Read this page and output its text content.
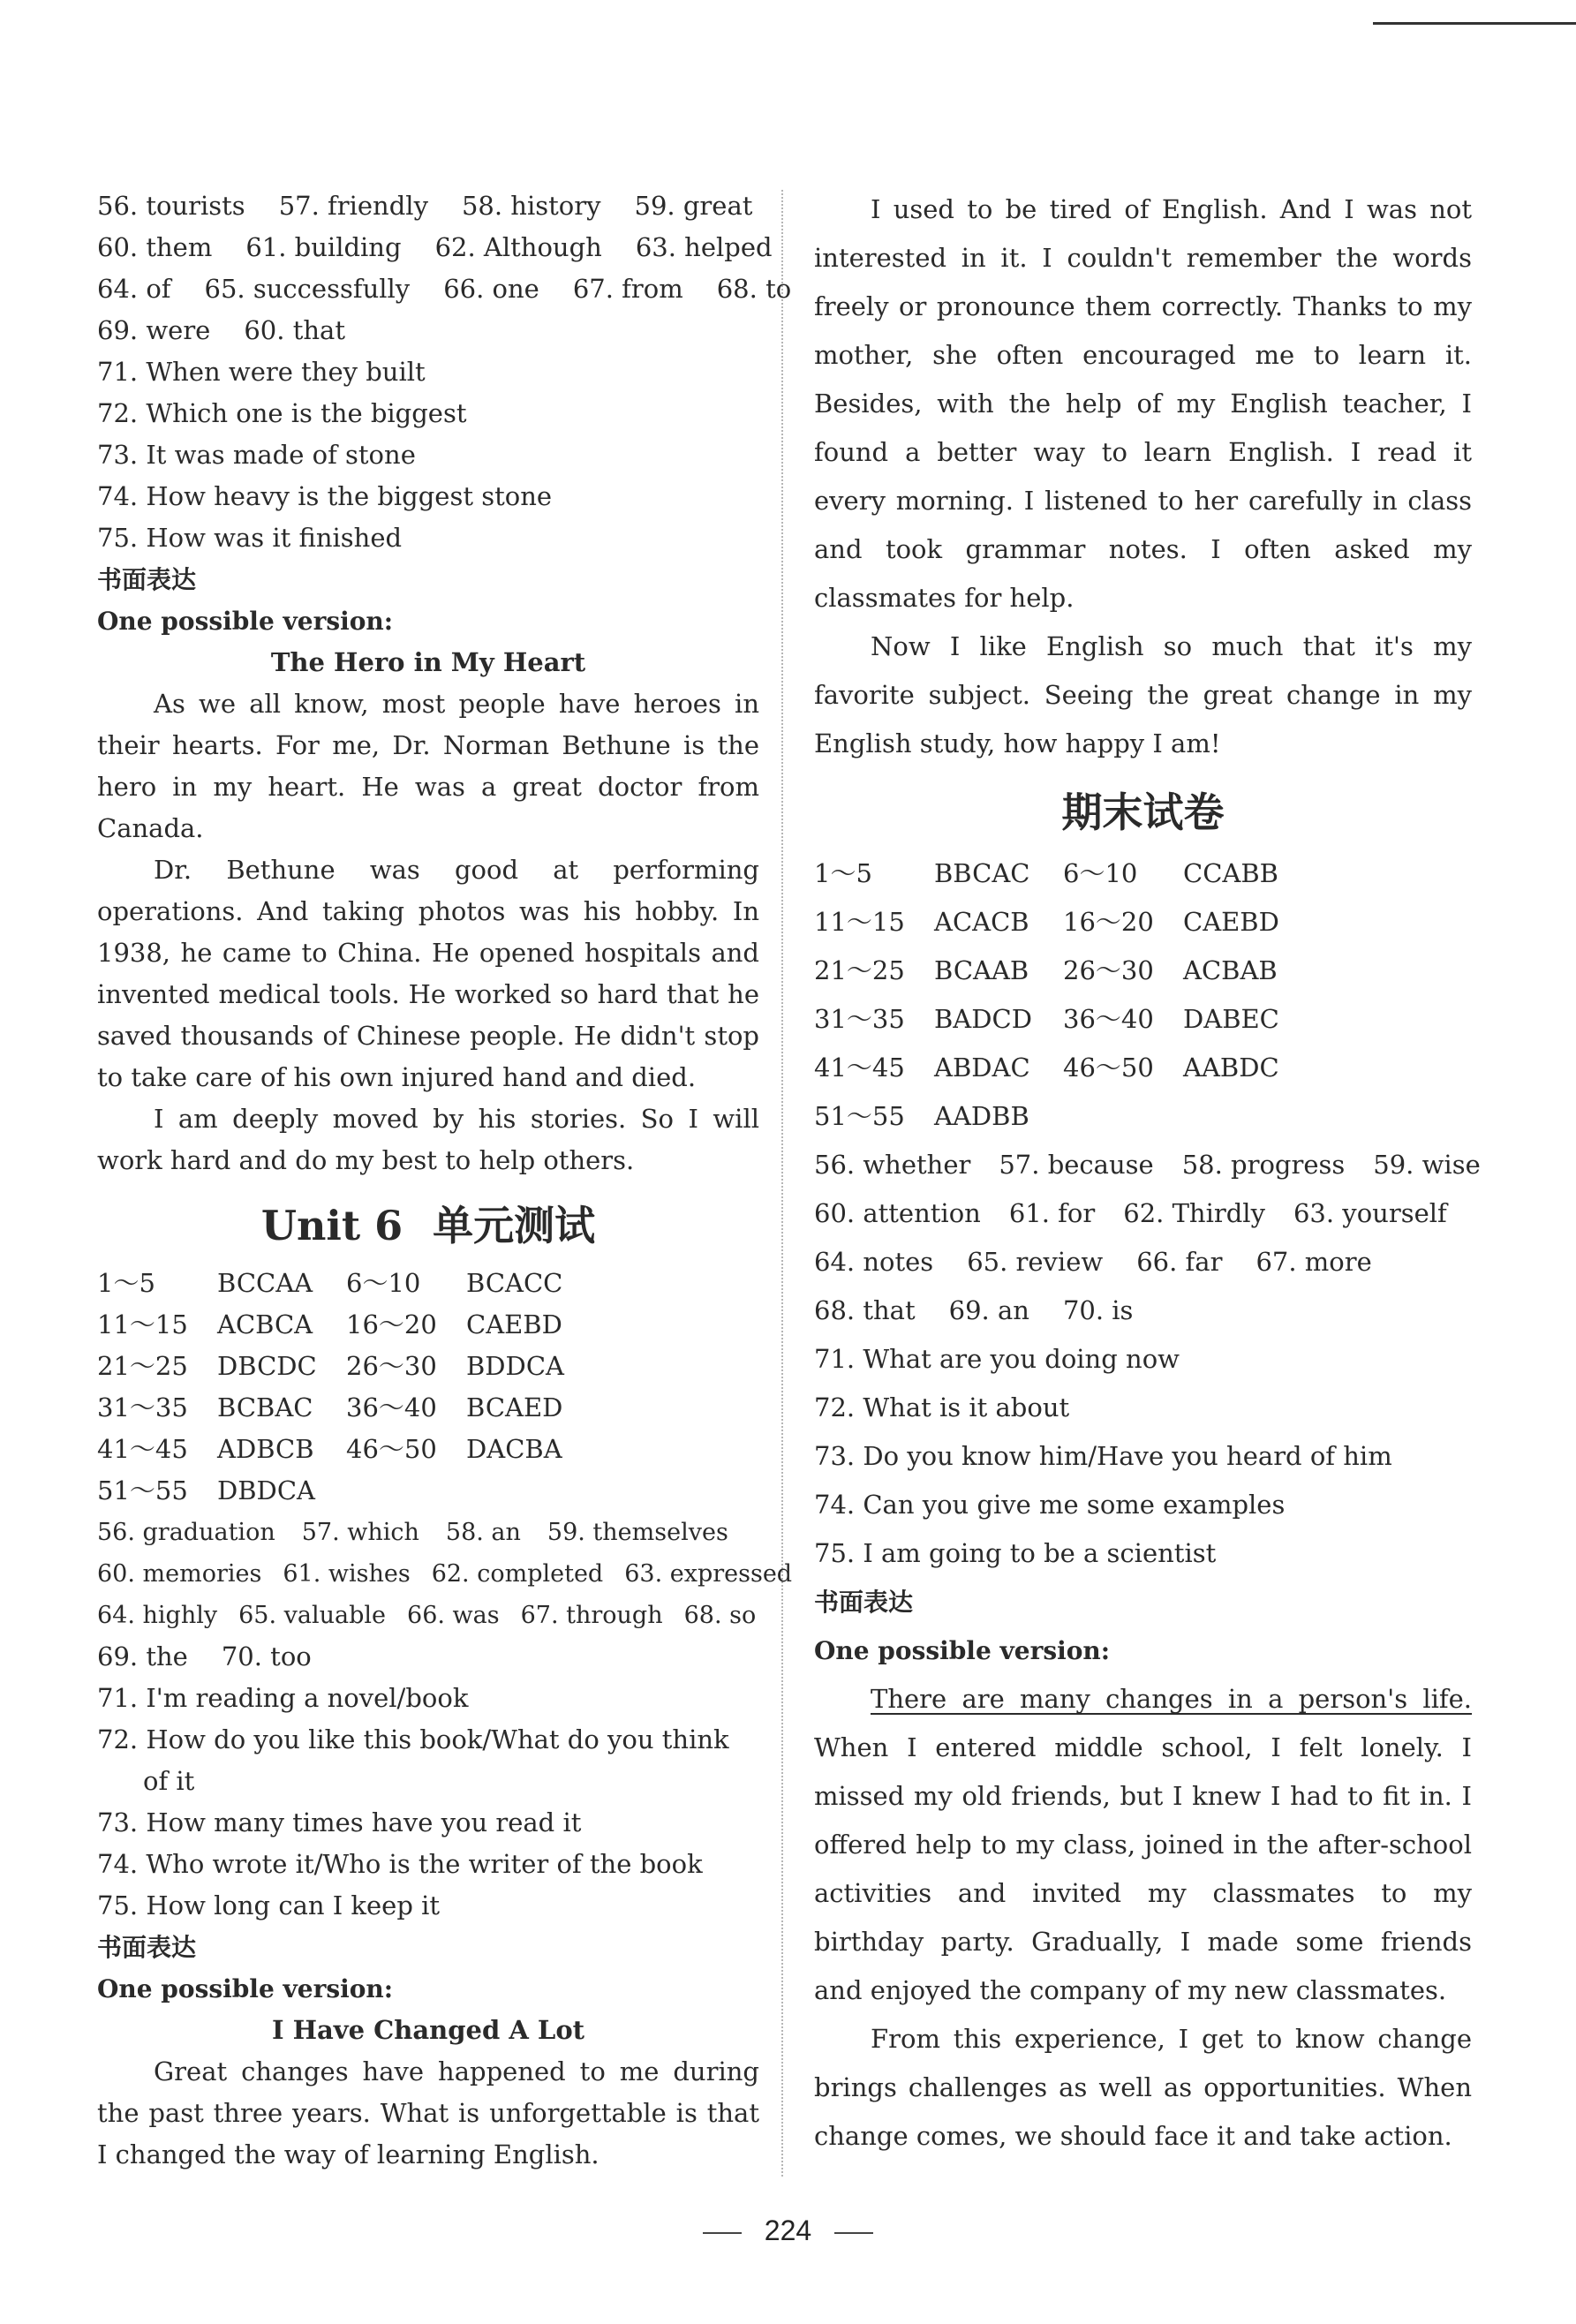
56. tourists 57. friendly 58. history 59. great
60. them 61. building 62. Although 63. helped
64. of 65. successfully 66. one 67. from 68. to
69. were 60. that
71. When were they built
72. Which one is the biggest
73. It was made of stone
74. How heavy is the biggest stone
75. How was it finished
书面表达
One possible version:
The Hero in My Heart

As we all know, most people have heroes in their hearts. For me, Dr. Norman Bethune is the hero in my heart. He was a great doctor from Canada.

Dr. Bethune was good at performing operations. And taking photos was his hobby. In 1938, he came to China. He opened hospitals and invented medical tools. He worked so hard that he saved thousands of Chinese people. He didn't stop to take care of his own injured hand and died.

I am deeply moved by his stories. So I will work hard and do my best to help others.

Unit 6 单元测试
1～5 BCCAA 6～10 BCACC
11～15 ACBCA 16～20 CAEBD
21～25 DBCDC 26～30 BDDCA
31～35 BCBAC 36～40 BCAED
41～45 ADBCB 46～50 DACBA
51～55 DBDCA
56. graduation 57. which 58. an 59. themselves
60. memories 61. wishes 62. completed 63. expressed
64. highly 65. valuable 66. was 67. through 68. so
69. the 70. too
71. I'm reading a novel/book
72. How do you like this book/What do you think of it
73. How many times have you read it
74. Who wrote it/Who is the writer of the book
75. How long can I keep it
书面表达
One possible version:
I Have Changed A Lot

Great changes have happened to me during the past three years. What is unforgettable is that I changed the way of learning English.

I used to be tired of English. And I was not interested in it. I couldn't remember the words freely or pronounce them correctly. Thanks to my mother, she often encouraged me to learn it. Besides, with the help of my English teacher, I found a better way to learn English. I read it every morning. I listened to her carefully in class and took grammar notes. I often asked my classmates for help.

Now I like English so much that it's my favorite subject. Seeing the great change in my English study, how happy I am!

期末试卷
1～5 BBCAC 6～10 CCABB
11～15 ACACB 16～20 CAEBD
21～25 BCAAB 26～30 ACBAB
31～35 BADCD 36～40 DABEC
41～45 ABDAC 46～50 AABDC
51～55 AADBB
56. whether 57. because 58. progress 59. wise
60. attention 61. for 62. Thirdly 63. yourself
64. notes 65. review 66. far 67. more
68. that 69. an 70. is
71. What are you doing now
72. What is it about
73. Do you know him/Have you heard of him
74. Can you give me some examples
75. I am going to be a scientist
书面表达
One possible version:

There are many changes in a person's life. When I entered middle school, I felt lonely. I missed my old friends, but I knew I had to fit in. I offered help to my class, joined in the after-school activities and invited my classmates to my birthday party. Gradually, I made some friends and enjoyed the company of my new classmates.

From this experience, I get to know change brings challenges as well as opportunities. When change comes, we should face it and take action.

224
